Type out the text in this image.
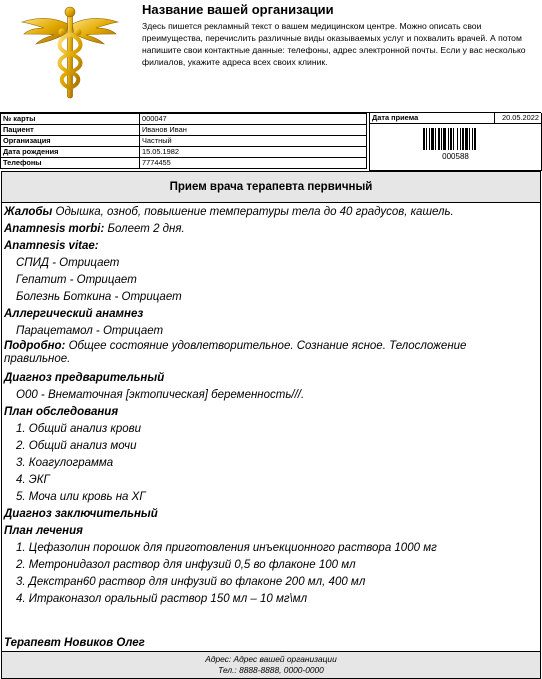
Название вашей организации
Здесь пишется рекламный текст о вашем медицинском центре. Можно описать свои преимущества, перечислить различные виды оказываемых услуг и похвалить врачей. А потом напишите свои контактные данные: телефоны, адрес электронной почты. Если у вас несколько филиалов, укажите адреса всех своих клиник.
№ карты	000047
Пациент	Иванов Иван
Организация	Частный
Дата рождения	15.05.1982
Телефоны	7774455
Дата приема	20.05.2022
000588
Прием врача терапевта первичный
Жалобы Одышка, озноб, повышение температуры тела до 40 градусов, кашель.
Anamnesis morbi: Болеет 2 дня.
Anamnesis vitae:
СПИД - Отрицает
Гепатит - Отрицает
Болезнь Боткина - Отрицает
Аллергический анамнез
Парацетамол - Отрицает
Подробно: Общее состояние удовлетворительное. Сознание ясное. Телосложение правильное.
Диагноз предварительный
O00 - Внематочная [эктопическая] беременность///.
План обследования
1. Общий анализ крови
2. Общий анализ мочи
3. Коагулограмма
4. ЭКГ
5. Моча или кровь на ХГ
Диагноз заключительный
План лечения
1. Цефазолин порошок для приготовления инъекционного раствора 1000 мг
2. Метронидазол раствор для инфузий 0,5 во флаконе 100 мл
3. Декстран60 раствор для инфузий во флаконе 200 мл, 400 мл
4. Итраконазол оральный раствор 150 мл – 10 мг\мл
Терапевт Новиков Олег
Адрес: Адрес вашей организации
Тел.: 8888-8888, 0000-0000
